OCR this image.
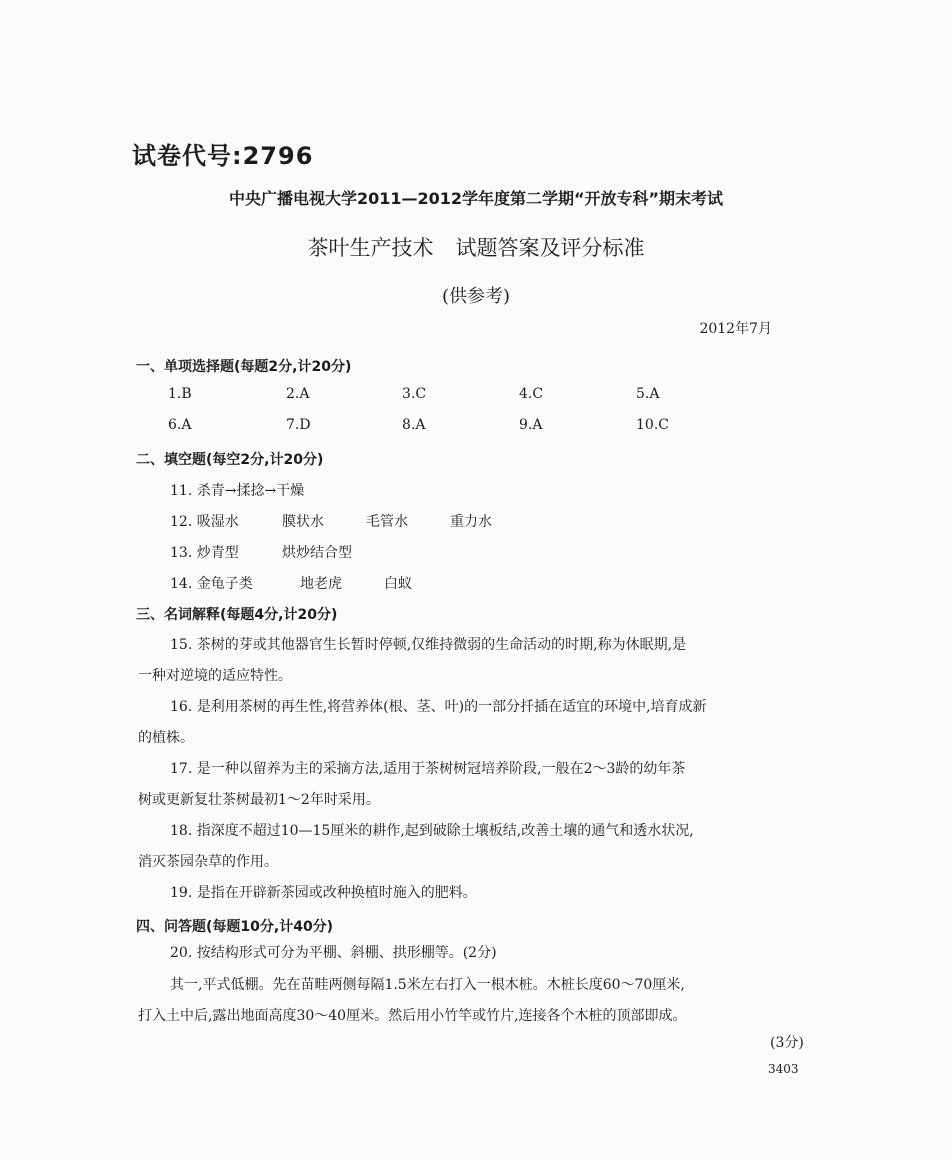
试卷代号:2796
中央广播电视大学2011—2012学年度第二学期“开放专科”期末考试
茶叶生产技术 试题答案及评分标准
(供参考)
2012年7月
一、单项选择题(每题2分,计20分)
1.B	2.A	3.C	4.C	5.A
6.A	7.D	8.A	9.A	10.C
二、填空题(每空2分,计20分)
11. 杀青→揉捻→干燥
12. 吸湿水	膜状水	毛管水	重力水
13. 炒青型	烘炒结合型
14. 金龟子类	地老虎	白蚁
三、名词解释(每题4分,计20分)
15. 茶树的芽或其他器官生长暂时停顿,仅维持微弱的生命活动的时期,称为休眠期,是
一种对逆境的适应特性。
16. 是利用茶树的再生性,将营养体(根、茎、叶)的一部分扦插在适宜的环境中,培育成新
的植株。
17. 是一种以留养为主的采摘方法,适用于茶树树冠培养阶段,一般在2～3龄的幼年茶
树或更新复壮茶树最初1～2年时采用。
18. 指深度不超过10—15厘米的耕作,起到破除土壤板结,改善土壤的通气和透水状况,
消灭茶园杂草的作用。
19. 是指在开辟新茶园或改种换植时施入的肥料。
四、问答题(每题10分,计40分)
20. 按结构形式可分为平棚、斜棚、拱形棚等。(2分)
其一,平式低棚。先在苗畦两侧每隔1.5米左右打入一根木桩。木桩长度60～70厘米,
打入土中后,露出地面高度30～40厘米。然后用小竹竿或竹片,连接各个木桩的顶部即成。
(3分)
3403
